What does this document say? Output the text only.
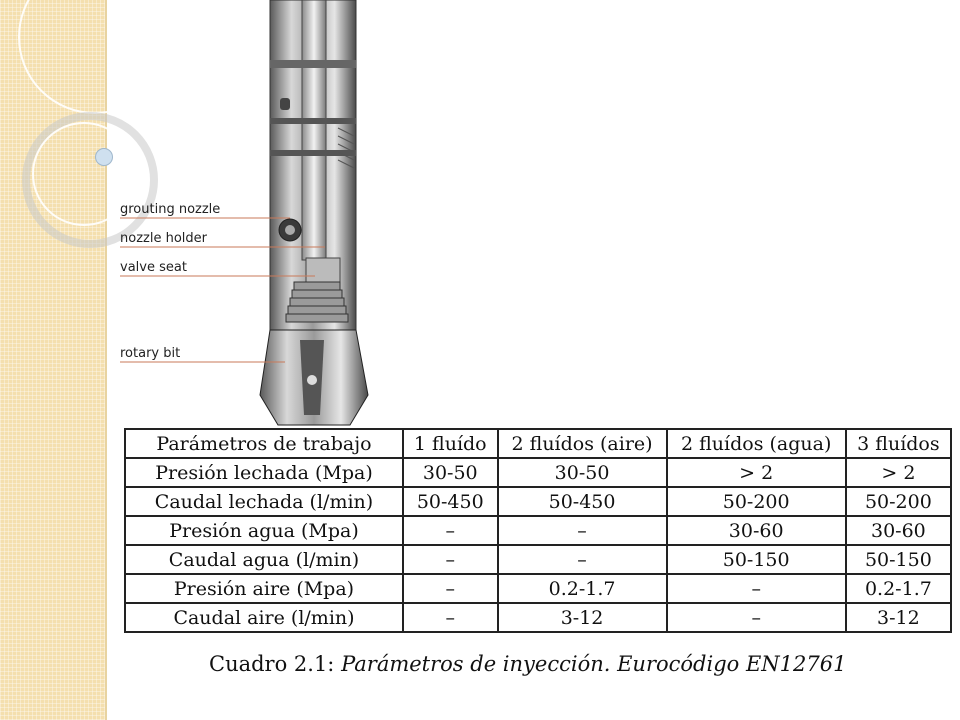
grouting nozzle
nozzle holder
valve seat
rotary bit
Parámetros de trabajo	1 fluído	2 fluídos (aire)	2 fluídos (agua)	3 fluídos
Presión lechada (Mpa)	30-50	30-50	> 2	> 2
Caudal lechada (l/min)	50-450	50-450	50-200	50-200
Presión agua (Mpa)	–	–	30-60	30-60
Caudal agua (l/min)	–	–	50-150	50-150
Presión aire (Mpa)	–	0.2-1.7	–	0.2-1.7
Caudal aire (l/min)	–	3-12	–	3-12
Cuadro 2.1: Parámetros de inyección. Eurocódigo EN12761
